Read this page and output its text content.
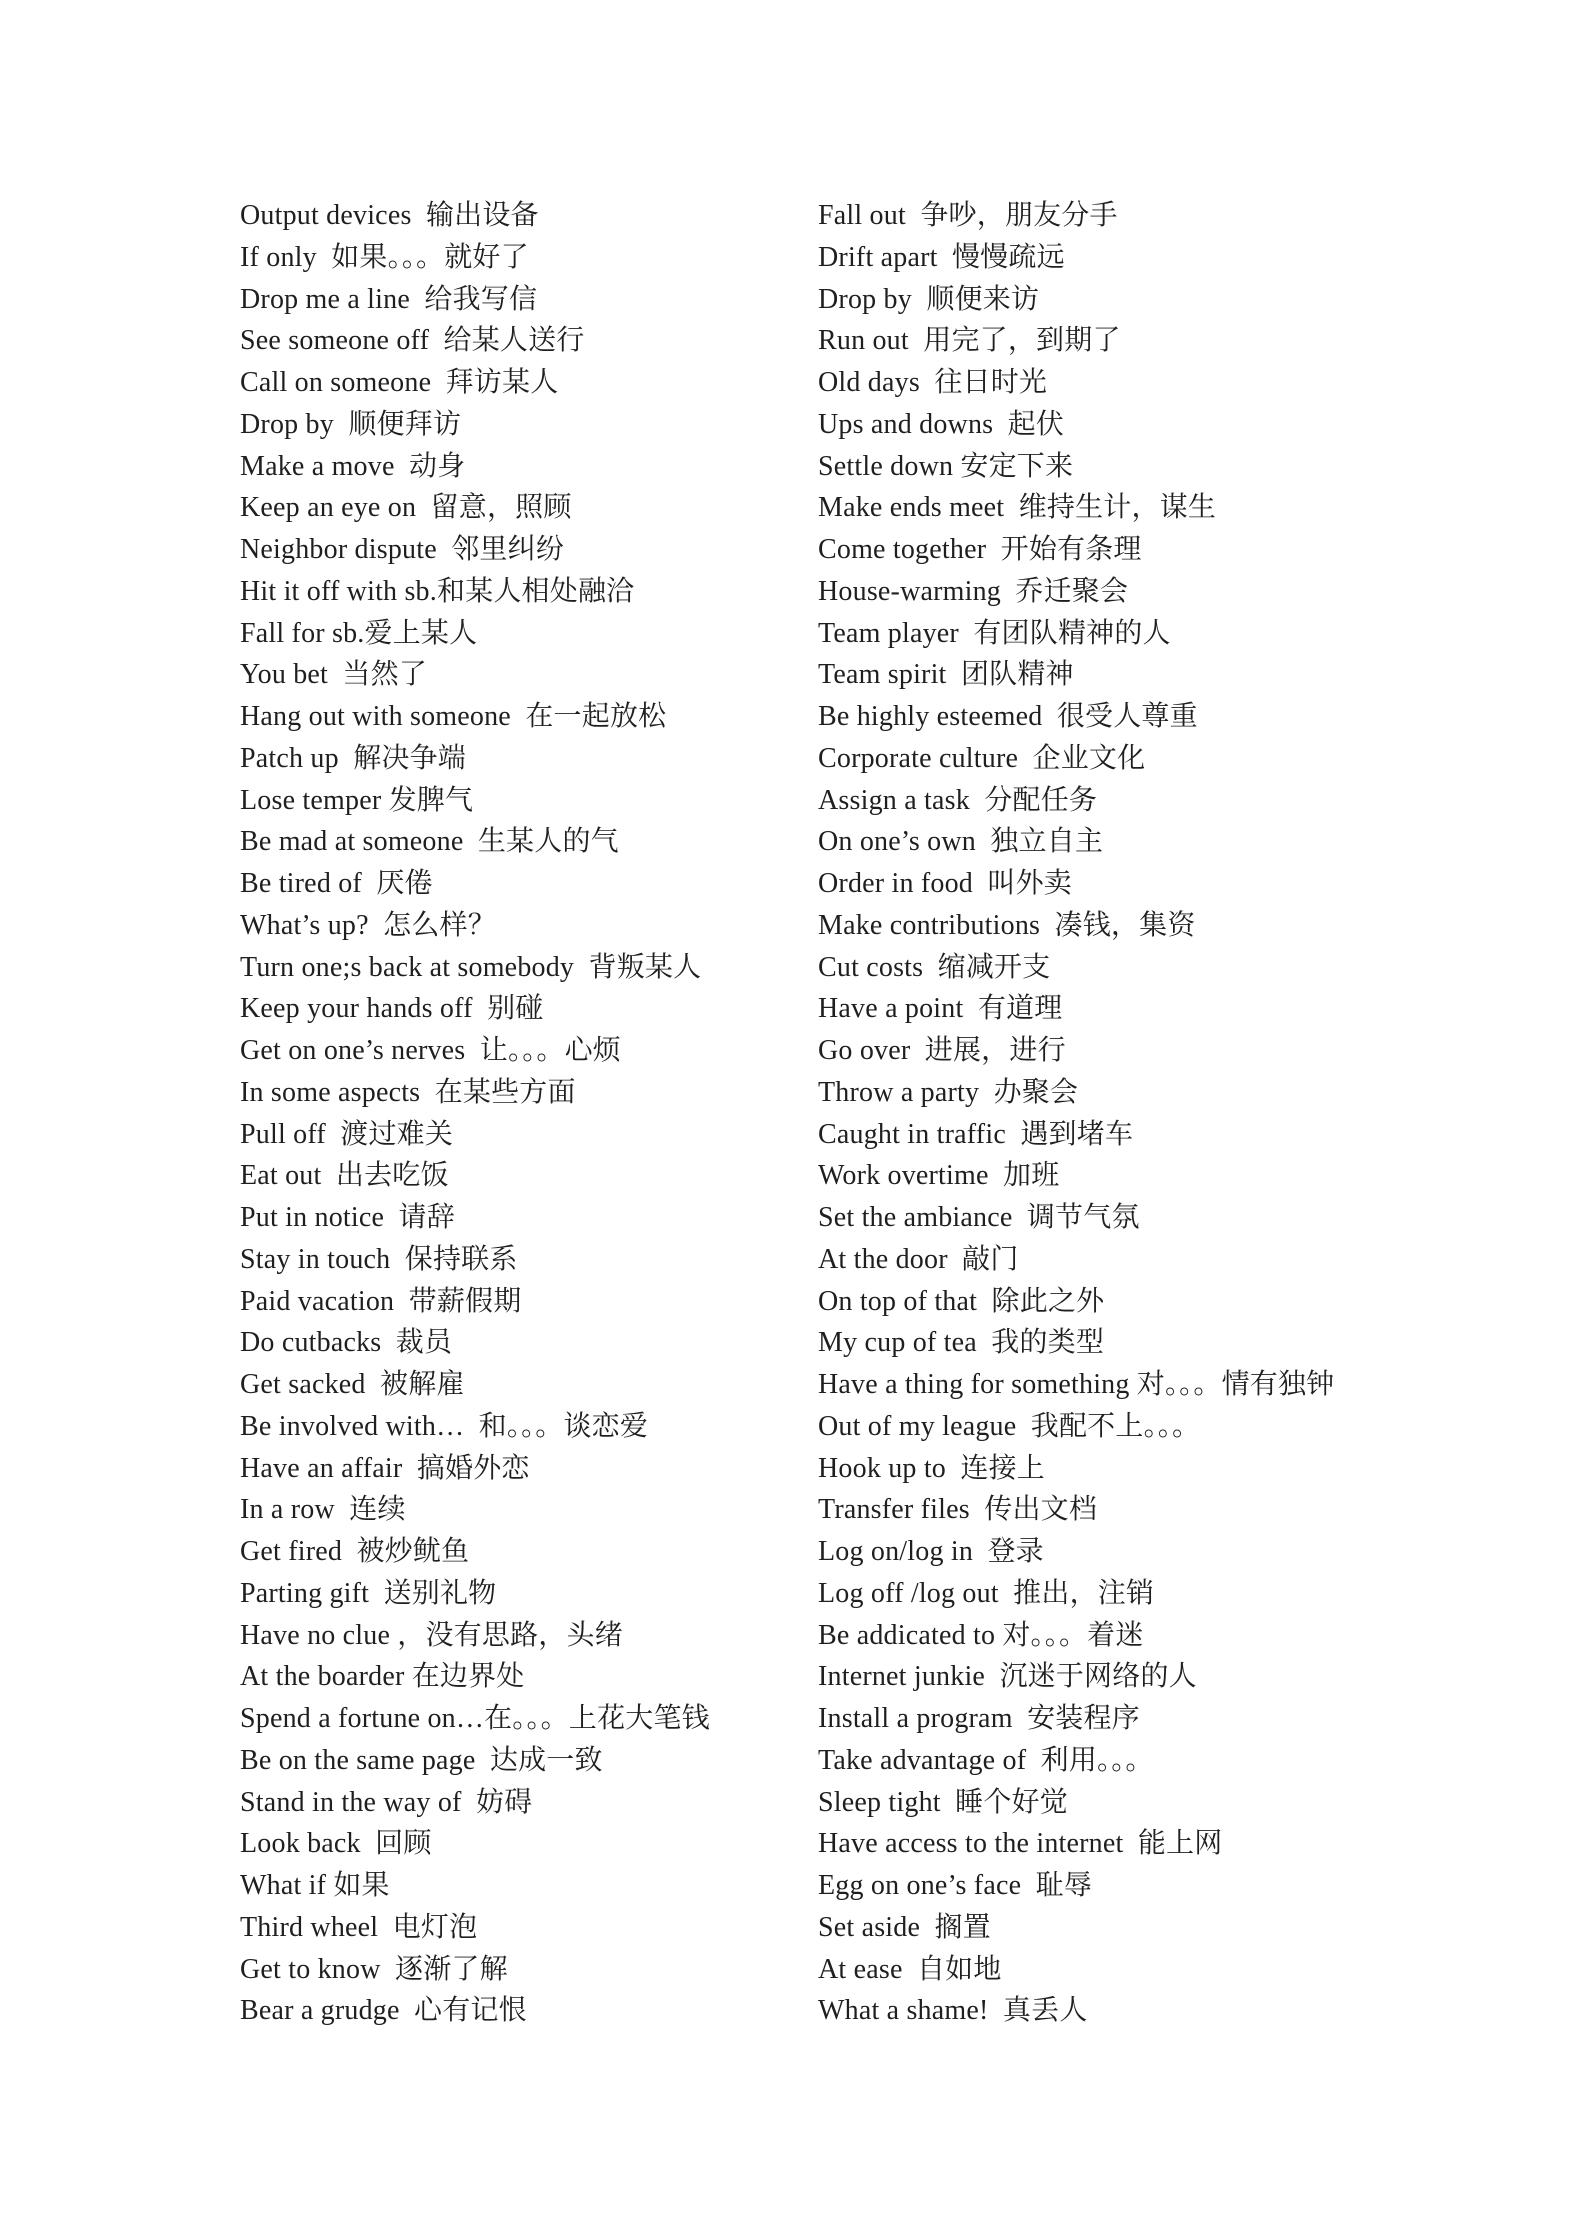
Output devices  输出设备
If only  如果。。。就好了
Drop me a line  给我写信
See someone off  给某人送行
Call on someone  拜访某人
Drop by  顺便拜访
Make a move  动身
Keep an eye on  留意，照顾
Neighbor dispute  邻里纠纷
Hit it off with sb.和某人相处融洽
Fall for sb.爱上某人
You bet  当然了
Hang out with someone  在一起放松
Patch up  解决争端
Lose temper 发脾气
Be mad at someone  生某人的气
Be tired of  厌倦
What’s up?  怎么样？
Turn one;s back at somebody  背叛某人
Keep your hands off  别碰
Get on one’s nerves  让。。。心烦
In some aspects  在某些方面
Pull off  渡过难关
Eat out  出去吃饭
Put in notice  请辞
Stay in touch  保持联系
Paid vacation  带薪假期
Do cutbacks  裁员
Get sacked  被解雇
Be involved with…  和。。。谈恋爱
Have an affair  搞婚外恋
In a row  连续
Get fired  被炒鱿鱼
Parting gift  送别礼物
Have no clue ，没有思路，头绪
At the boarder 在边界处
Spend a fortune on…在。。。上花大笔钱
Be on the same page  达成一致
Stand in the way of  妨碍
Look back  回顾
What if 如果
Third wheel  电灯泡
Get to know  逐渐了解
Bear a grudge  心有记恨
Fall out  争吵，朋友分手
Drift apart  慢慢疏远
Drop by  顺便来访
Run out  用完了，到期了
Old days  往日时光
Ups and downs  起伏
Settle down 安定下来
Make ends meet  维持生计，谋生
Come together  开始有条理
House-warming  乔迁聚会
Team player  有团队精神的人
Team spirit  团队精神
Be highly esteemed  很受人尊重
Corporate culture  企业文化
Assign a task  分配任务
On one’s own  独立自主
Order in food  叫外卖
Make contributions  凑钱，集资
Cut costs  缩减开支
Have a point  有道理
Go over  进展，进行
Throw a party  办聚会
Caught in traffic  遇到堵车
Work overtime  加班
Set the ambiance  调节气氛
At the door  敲门
On top of that  除此之外
My cup of tea  我的类型
Have a thing for something 对。。。情有独钟
Out of my league  我配不上。。。
Hook up to  连接上
Transfer files  传出文档
Log on/log in  登录
Log off /log out  推出，注销
Be addicated to 对。。。着迷
Internet junkie  沉迷于网络的人
Install a program  安装程序
Take advantage of  利用。。。
Sleep tight  睡个好觉
Have access to the internet  能上网
Egg on one’s face  耻辱
Set aside  搁置
At ease  自如地
What a shame!  真丢人
